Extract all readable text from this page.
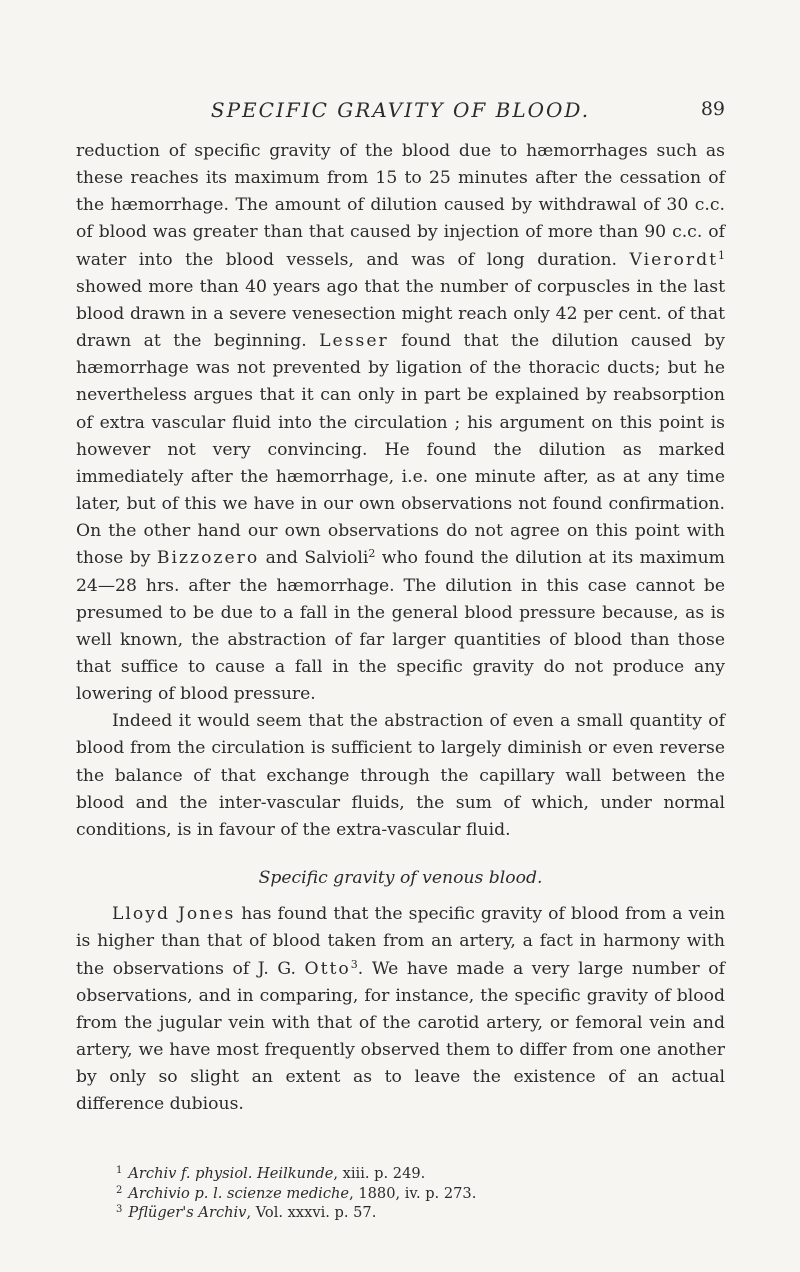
SPECIFIC GRAVITY OF BLOOD.	89

reduction of specific gravity of the blood due to hæmorrhages such as these reaches its maximum from 15 to 25 minutes after the cessation of the hæmorrhage. The amount of dilution caused by withdrawal of 30 c.c. of blood was greater than that caused by injection of more than 90 c.c. of water into the blood vessels, and was of long duration. Vierordt$^1$ showed more than 40 years ago that the number of corpuscles in the last blood drawn in a severe venesection might reach only 42 per cent. of that drawn at the beginning. Lesser found that the dilution caused by hæmorrhage was not prevented by ligation of the thoracic ducts; but he nevertheless argues that it can only in part be explained by reabsorption of extra vascular fluid into the circulation ; his argument on this point is however not very convincing. He found the dilution as marked immediately after the hæmorrhage, i.e. one minute after, as at any time later, but of this we have in our own observations not found confirmation. On the other hand our own observations do not agree on this point with those by Bizzozero and Salvioli$^2$ who found the dilution at its maximum 24—28 hrs. after the hæmorrhage. The dilution in this case cannot be presumed to be due to a fall in the general blood pressure because, as is well known, the abstraction of far larger quantities of blood than those that suffice to cause a fall in the specific gravity do not produce any lowering of blood pressure.

Indeed it would seem that the abstraction of even a small quantity of blood from the circulation is sufficient to largely diminish or even reverse the balance of that exchange through the capillary wall between the blood and the inter-vascular fluids, the sum of which, under normal conditions, is in favour of the extra-vascular fluid.

Specific gravity of venous blood.

Lloyd Jones has found that the specific gravity of blood from a vein is higher than that of blood taken from an artery, a fact in harmony with the observations of J. G. Otto$^3$. We have made a very large number of observations, and in comparing, for instance, the specific gravity of blood from the jugular vein with that of the carotid artery, or femoral vein and artery, we have most frequently observed them to differ from one another by only so slight an extent as to leave the existence of an actual difference dubious.

$^1$ Archiv f. physiol. Heilkunde, xiii. p. 249.
$^2$ Archivio p. l. scienze mediche, 1880, iv. p. 273.
$^3$ Pflüger's Archiv, Vol. xxxvi. p. 57.
